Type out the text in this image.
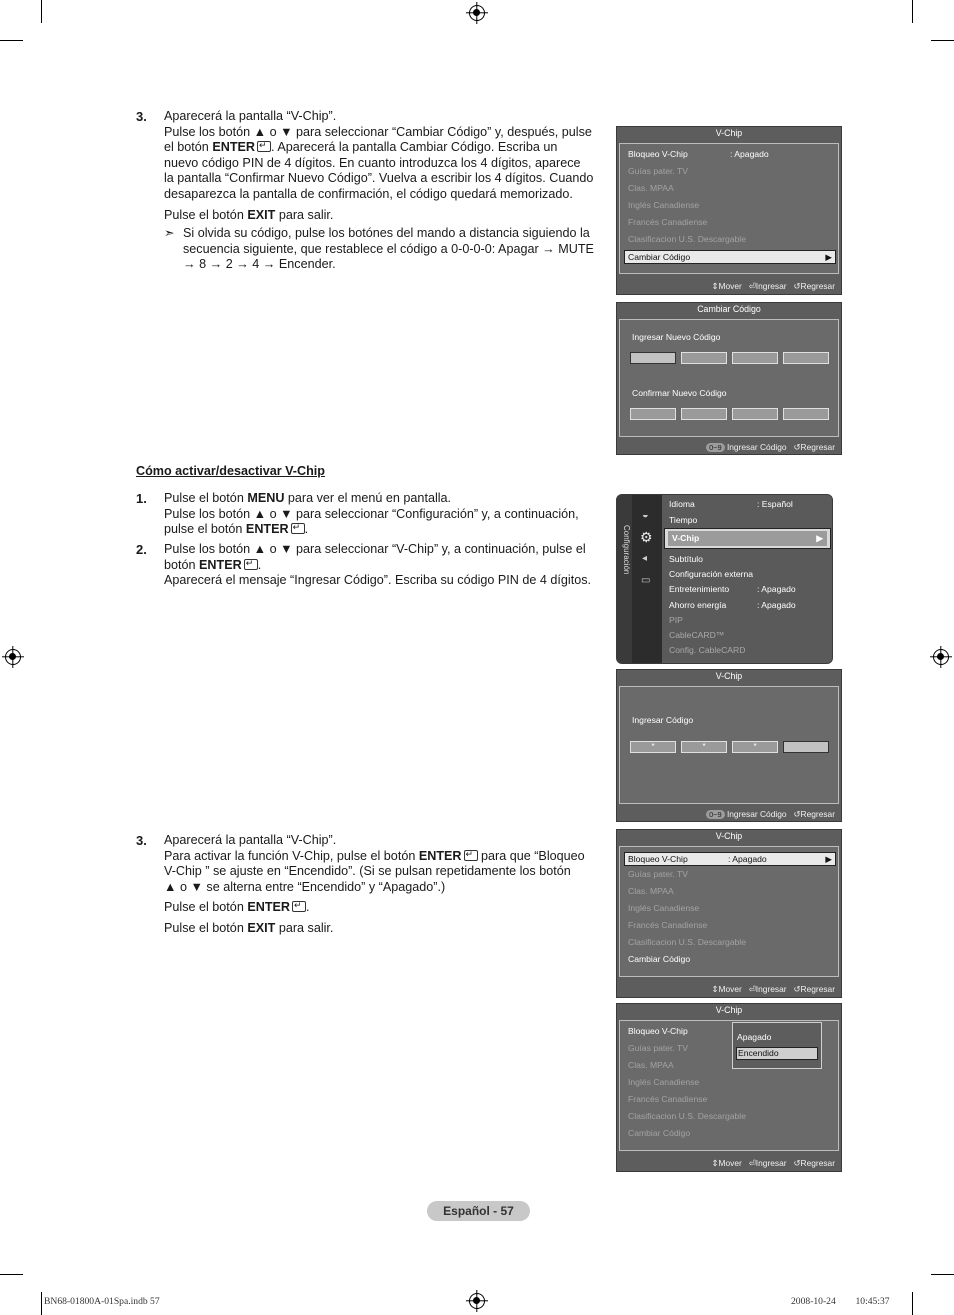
3. Aparecerá la pantalla “V-Chip”.
Pulse los botón ▲ o ▼ para seleccionar “Cambiar Código” y, después, pulse
el botón ENTER ↵ . Aparecerá la pantalla Cambiar Código. Escriba un
nuevo código PIN de 4 dígitos. En cuanto introduzca los 4 dígitos, aparece
la pantalla “Confirmar Nuevo Código”. Vuelva a escribir los 4 dígitos. Cuando
desaparezca la pantalla de confirmación, el código quedará memorizado.
Pulse el botón EXIT para salir.
➣ Si olvida su código, pulse los botónes del mando a distancia siguiendo la
secuencia siguiente, que restablece el código a 0-0-0-0: Apagar → MUTE
→ 8 → 2 → 4 → Encender.
V-Chip
Bloqueo V-Chip	: Apagado
Guías pater. TV
Clas. MPAA
Inglés Canadiense
Francés Canadiense
Clasificacion U.S. Descargable
Cambiar Código	▶
⇕Mover ⏎Ingresar ↺Regresar
Cambiar Código
Ingresar Nuevo Código
Confirmar Nuevo Código
0~9 Ingresar Código ↺Regresar
Cómo activar/desactivar V-Chip
1. Pulse el botón MENU para ver el menú en pantalla.
Pulse los botón ▲ o ▼ para seleccionar “Configuración” y, a continuación,
pulse el botón ENTER ↵ .
2. Pulse los botón ▲ o ▼ para seleccionar “V-Chip” y, a continuación, pulse el
botón ENTER ↵ .
Aparecerá el mensaje “Ingresar Código”. Escriba su código PIN de 4 dígitos.
Configuración
◒
⚙
◂
▭
Idioma	: Español
Tiempo
V-Chip	▶
Subtítulo
Configuración externa
Entretenimiento	: Apagado
Ahorro energía	: Apagado
PIP
CableCARD™
Config. CableCARD
V-Chip
Ingresar Código
*	*	*
0~9 Ingresar Código ↺Regresar
3. Aparecerá la pantalla “V-Chip”.
Para activar la función V-Chip, pulse el botón ENTER↵ para que “Bloqueo
V-Chip ” se ajuste en “Encendido”. (Si se pulsan repetidamente los botón
▲ o ▼ se alterna entre “Encendido” y “Apagado”.)
Pulse el botón ENTER ↵ .
Pulse el botón EXIT para salir.
V-Chip
Bloqueo V-Chip	: Apagado	▶
Guías pater. TV
Clas. MPAA
Inglés Canadiense
Francés Canadiense
Clasificacion U.S. Descargable
Cambiar Código
⇕Mover ⏎Ingresar ↺Regresar
V-Chip
Bloqueo V-Chip
Guías pater. TV
Clas. MPAA
Inglés Canadiense
Francés Canadiense
Clasificacion U.S. Descargable
Cambiar Código
Apagado
Encendido
⇕Mover ⏎Ingresar ↺Regresar
Español - 57
BN68-01800A-01Spa.indb 57	2008-10-24 ￿￿ 10:45:37
